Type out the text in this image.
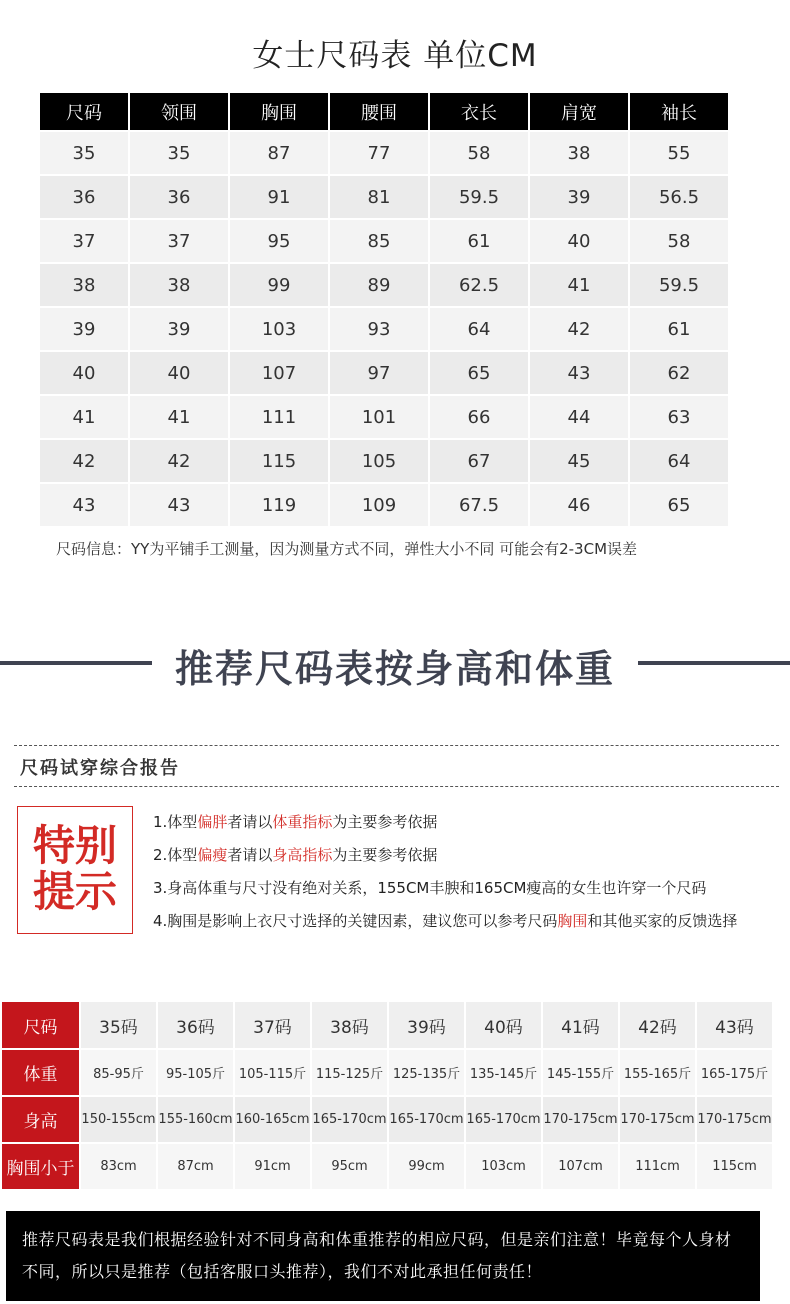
女士尺码表 单位CM
尺码	领围	胸围	腰围	衣长	肩宽	袖长
35	35	87	77	58	38	55
36	36	91	81	59.5	39	56.5
37	37	95	85	61	40	58
38	38	99	89	62.5	41	59.5
39	39	103	93	64	42	61
40	40	107	97	65	43	62
41	41	111	101	66	44	63
42	42	115	105	67	45	64
43	43	119	109	67.5	46	65
尺码信息：YY为平铺手工测量，因为测量方式不同，弹性大小不同 可能会有2-3CM误差
推荐尺码表按身高和体重
尺码试穿综合报告
特别
提示
1.体型偏胖者请以体重指标为主要参考依据
2.体型偏瘦者请以身高指标为主要参考依据
3.身高体重与尺寸没有绝对关系，155CM丰腴和165CM瘦高的女生也许穿一个尺码
4.胸围是影响上衣尺寸选择的关键因素，建议您可以参考尺码胸围和其他买家的反馈选择
尺码	35码	36码	37码	38码	39码	40码	41码	42码	43码
体重	85-95斤	95-105斤	105-115斤	115-125斤	125-135斤	135-145斤	145-155斤	155-165斤	165-175斤
身高	150-155cm	155-160cm	160-165cm	165-170cm	165-170cm	165-170cm	170-175cm	170-175cm	170-175cm
胸围小于	83cm	87cm	91cm	95cm	99cm	103cm	107cm	111cm	115cm
推荐尺码表是我们根据经验针对不同身高和体重推荐的相应尺码，但是亲们注意！毕竟每个人身材
不同，所以只是推荐（包括客服口头推荐），我们不对此承担任何责任！
